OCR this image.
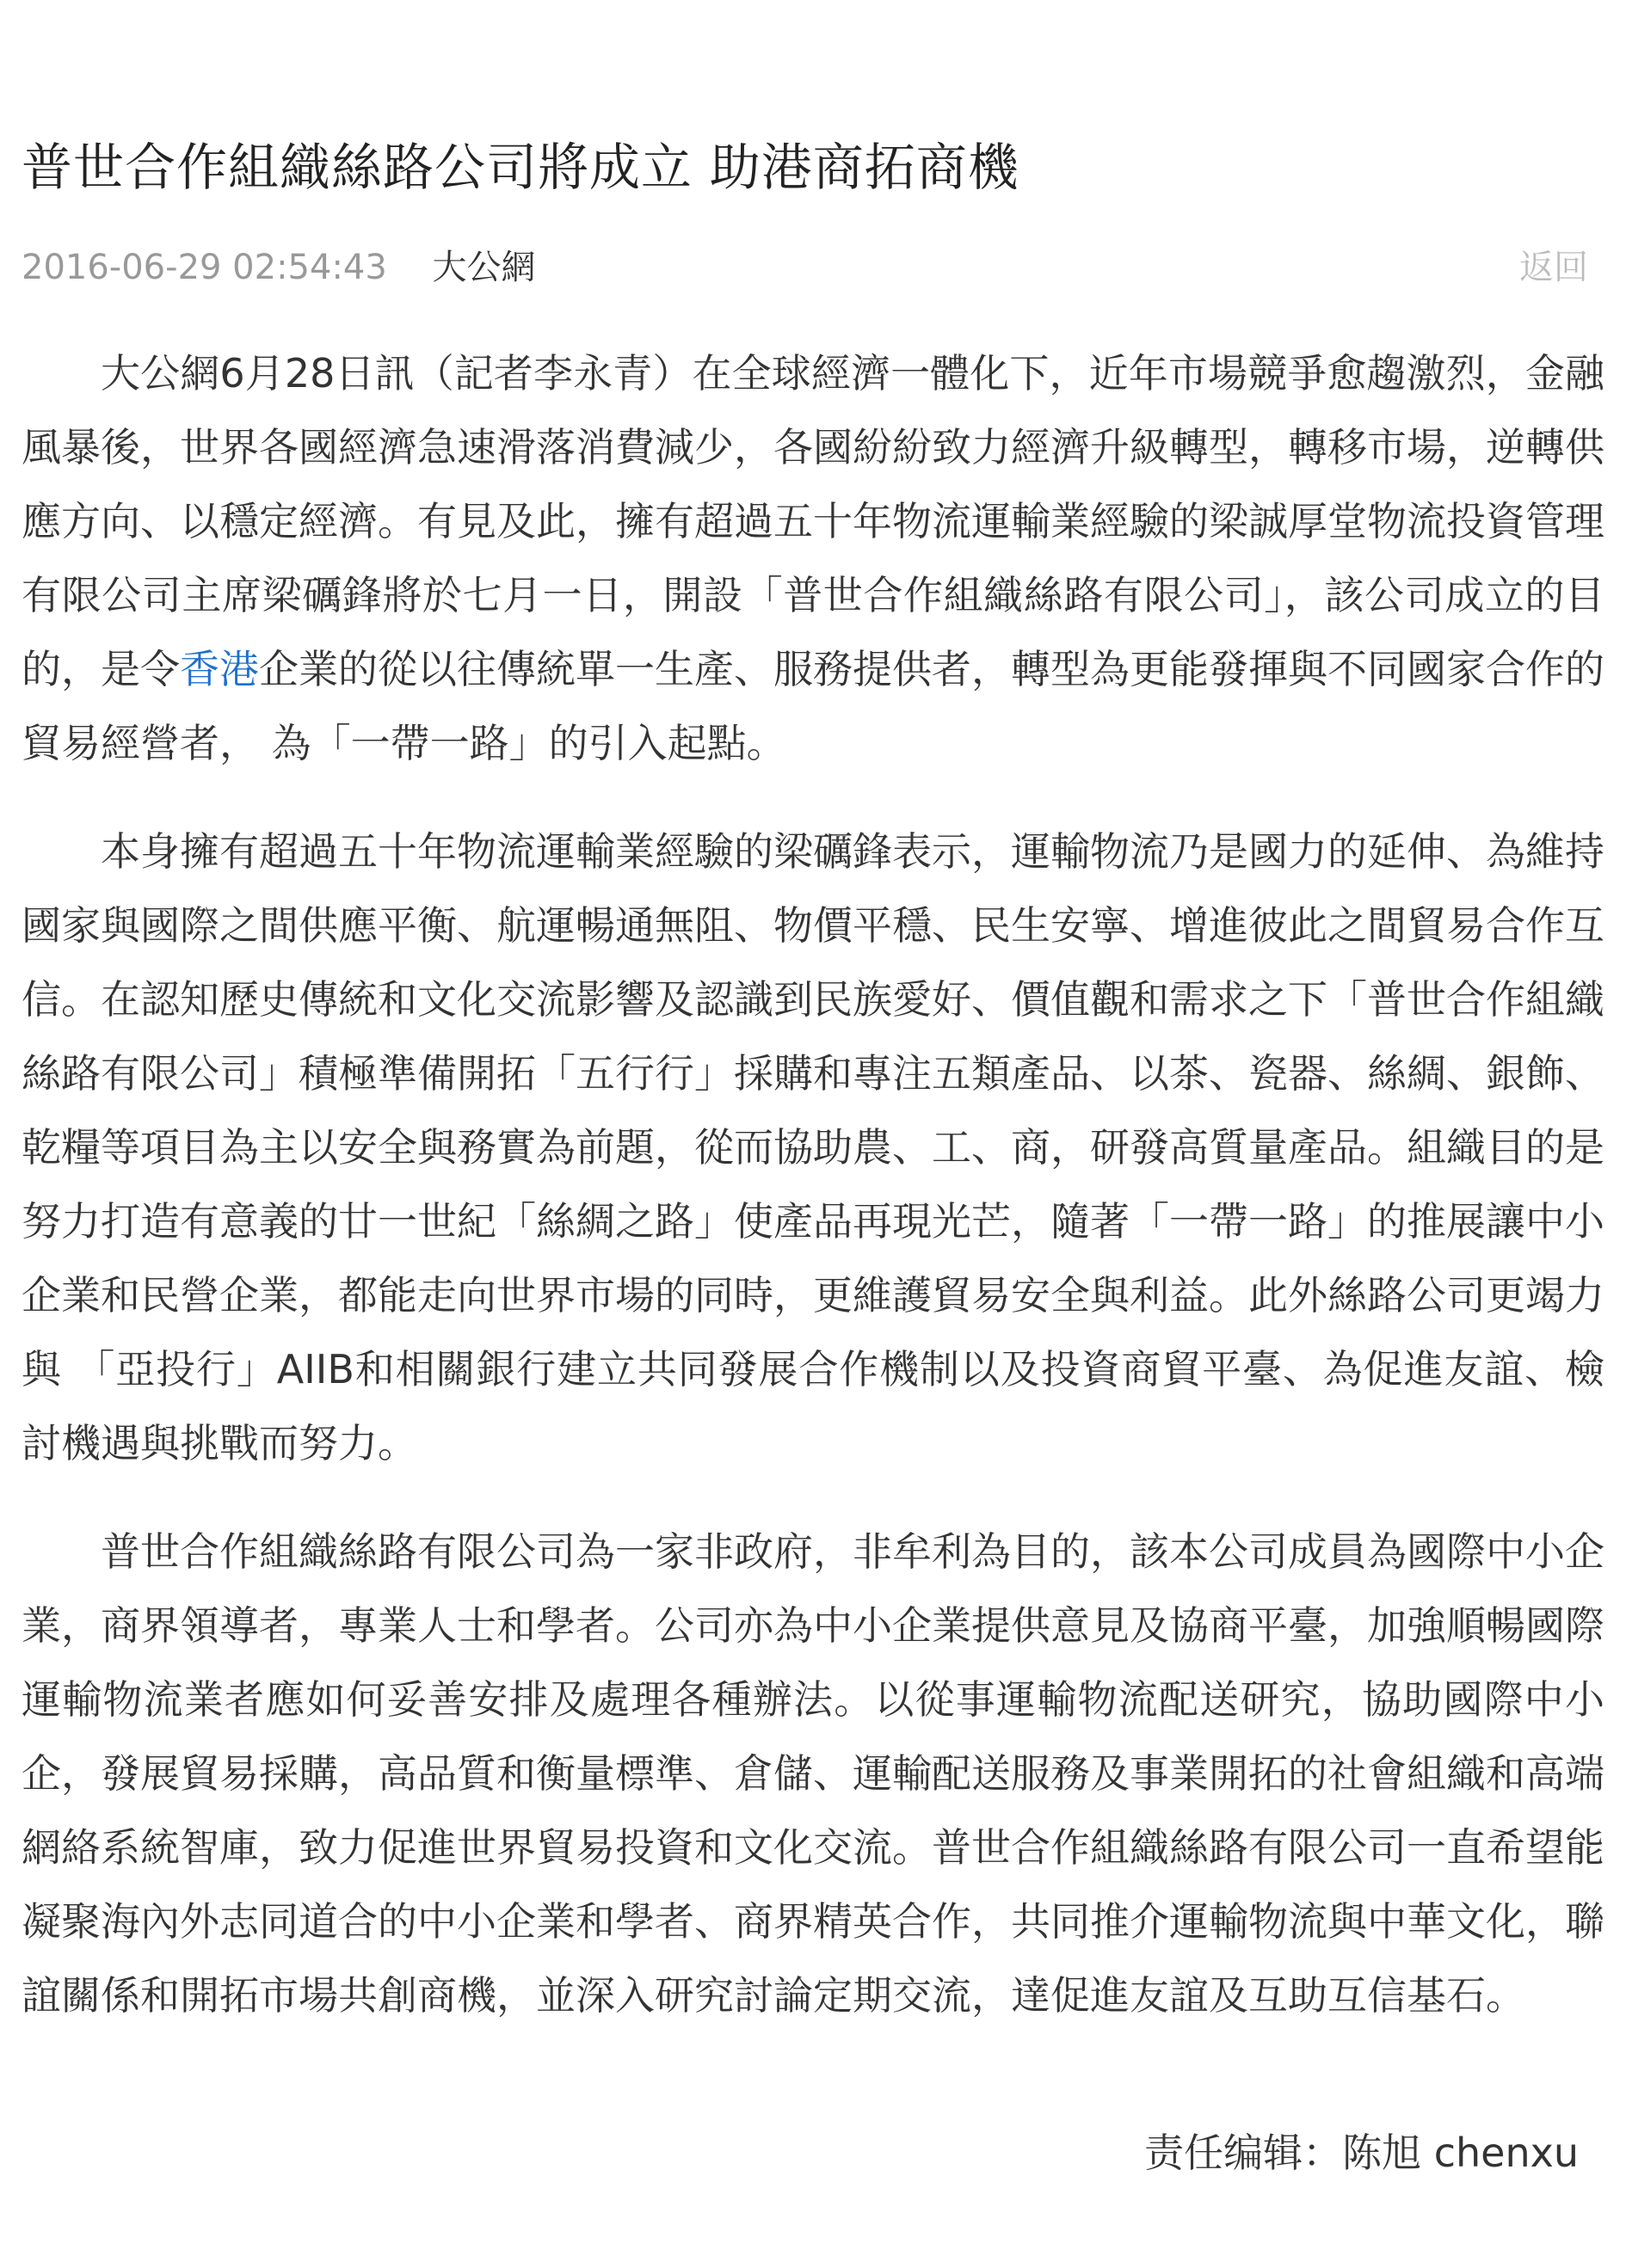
普世合作組織絲路公司將成立 助港商拓商機
2016-06-29 02:54:43 大公網	返回

大公網6月28日訊（記者李永青）在全球經濟一體化下，近年市場競爭愈趨激烈，金融風暴後，世界各國經濟急速滑落消費減少，各國紛紛致力經濟升級轉型，轉移市場，逆轉供應方向、以穩定經濟。有見及此，擁有超過五十年物流運輸業經驗的梁誠厚堂物流投資管理有限公司主席梁礪鋒將於七月一日，開設「普世合作組織絲路有限公司」，該公司成立的目的，是令香港企業的從以往傳統單一生產、服務提供者，轉型為更能發揮與不同國家合作的貿易經營者， 為「一帶一路」的引入起點。

本身擁有超過五十年物流運輸業經驗的梁礪鋒表示，運輸物流乃是國力的延伸、為維持國家與國際之間供應平衡、航運暢通無阻、物價平穩、民生安寧、增進彼此之間貿易合作互信。在認知歷史傳統和文化交流影響及認識到民族愛好、價值觀和需求之下「普世合作組織絲路有限公司」積極準備開拓「五行行」採購和專注五類產品、以茶、瓷器、絲綢、銀飾、乾糧等項目為主以安全與務實為前題，從而協助農、工、商，研發高質量產品。組織目的是努力打造有意義的廿一世紀「絲綢之路」使產品再現光芒，隨著「一帶一路」的推展讓中小企業和民營企業，都能走向世界市場的同時，更維護貿易安全與利益。此外絲路公司更竭力與 「亞投行」AIIB和相關銀行建立共同發展合作機制以及投資商貿平臺、為促進友誼、檢討機遇與挑戰而努力。

普世合作組織絲路有限公司為一家非政府，非牟利為目的，該本公司成員為國際中小企業，商界領導者，專業人士和學者。公司亦為中小企業提供意見及協商平臺，加強順暢國際運輸物流業者應如何妥善安排及處理各種辦法。以從事運輸物流配送研究，協助國際中小企，發展貿易採購，高品質和衡量標準、倉儲、運輸配送服務及事業開拓的社會組織和高端網絡系統智庫，致力促進世界貿易投資和文化交流。普世合作組織絲路有限公司一直希望能凝聚海內外志同道合的中小企業和學者、商界精英合作，共同推介運輸物流與中華文化，聯誼關係和開拓市場共創商機，並深入研究討論定期交流，達促進友誼及互助互信基石。

责任编辑：陈旭 chenxu
